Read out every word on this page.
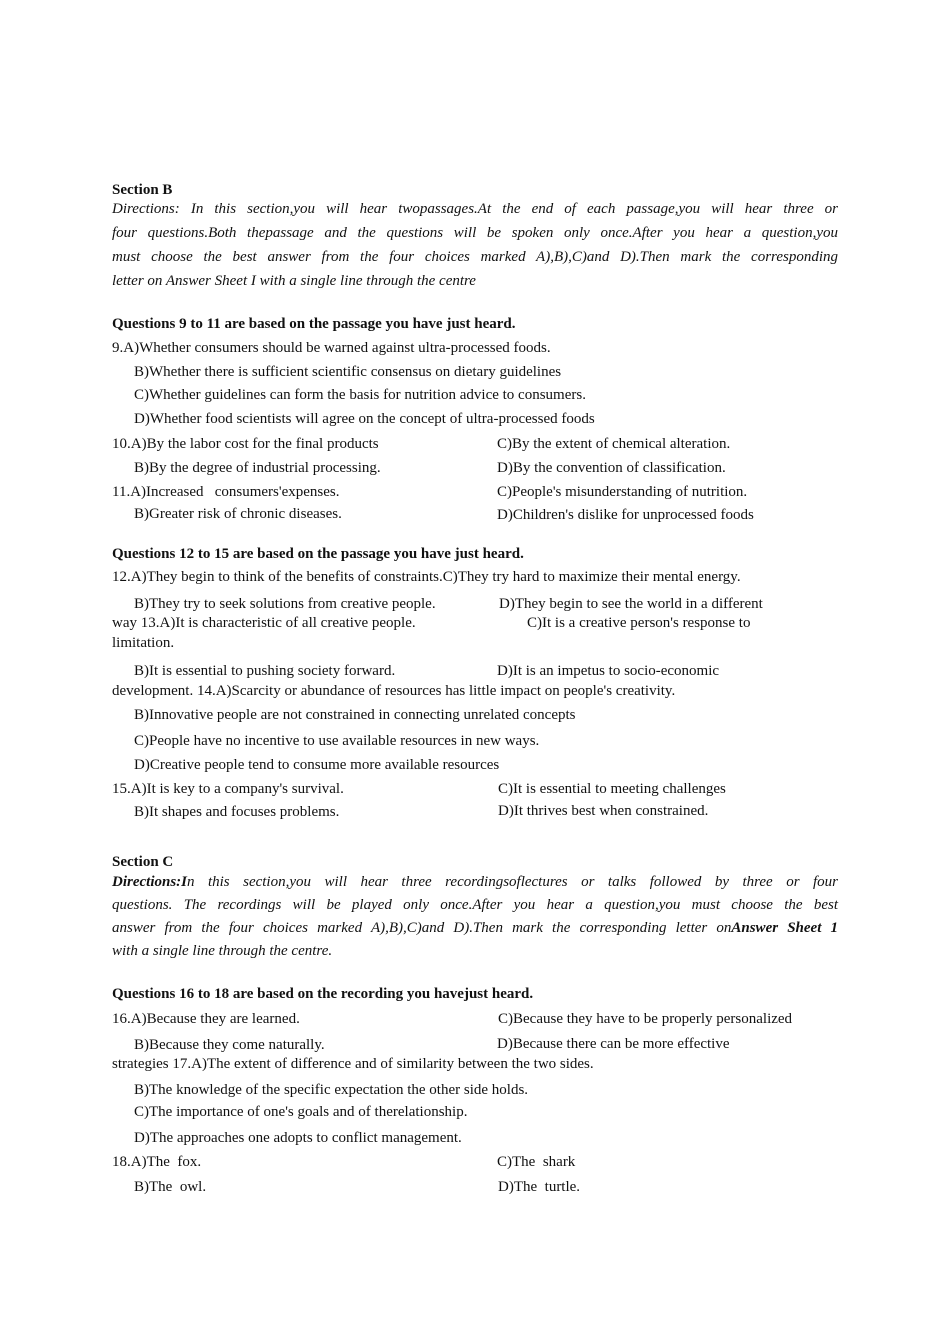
Section B
Directions: In this section,you will hear twopassages.At the end of each passage,you will hear three or
four questions.Both thepassage and the questions will be spoken only once.After you hear a question,you
must choose the best answer from the four choices marked A),B),C)and D).Then mark the corresponding
letter on Answer Sheet I with a single line through the centre
Questions 9 to 11 are based on the passage you have just heard.
9.A)Whether consumers should be warned against ultra-processed foods.
B)Whether there is sufficient scientific consensus on dietary guidelines
C)Whether guidelines can form the basis for nutrition advice to consumers.
D)Whether food scientists will agree on the concept of ultra-processed foods
10.A)By the labor cost for the final products	C)By the extent of chemical alteration.
B)By the degree of industrial processing.	D)By the convention of classification.
11.A)Increased   consumers'expenses.	C)People's misunderstanding of nutrition.
B)Greater risk of chronic diseases.	D)Children's dislike for unprocessed foods
Questions 12 to 15 are based on the passage you have just heard.
12.A)They begin to think of the benefits of constraints.C)They try hard to maximize their mental energy.
B)They try to seek solutions from creative people.	D)They begin to see the world in a different
way 13.A)It is characteristic of all creative people.	C)It is a creative person's response to
limitation.
B)It is essential to pushing society forward.	D)It is an impetus to socio-economic
development. 14.A)Scarcity or abundance of resources has little impact on people's creativity.
B)Innovative people are not constrained in connecting unrelated concepts
C)People have no incentive to use available resources in new ways.
D)Creative people tend to consume more available resources
15.A)It is key to a company's survival.	C)It is essential to meeting challenges
B)It shapes and focuses problems.	D)It thrives best when constrained.
Section C
Directions:In this section,you will hear three recordingsoflectures or talks followed by three or four
questions. The recordings will be played only once.After you hear a question,you must choose the best
answer from the four choices marked A),B),C)and D).Then mark the corresponding letter onAnswer Sheet 1
with a single line through the centre.
Questions 16 to 18 are based on the recording you havejust heard.
16.A)Because they are learned.	C)Because they have to be properly personalized
B)Because they come naturally.	D)Because there can be more effective
strategies 17.A)The extent of difference and of similarity between the two sides.
B)The knowledge of the specific expectation the other side holds.
C)The importance of one's goals and of therelationship.
D)The approaches one adopts to conflict management.
18.A)The  fox.	C)The  shark
B)The  owl.	D)The  turtle.
